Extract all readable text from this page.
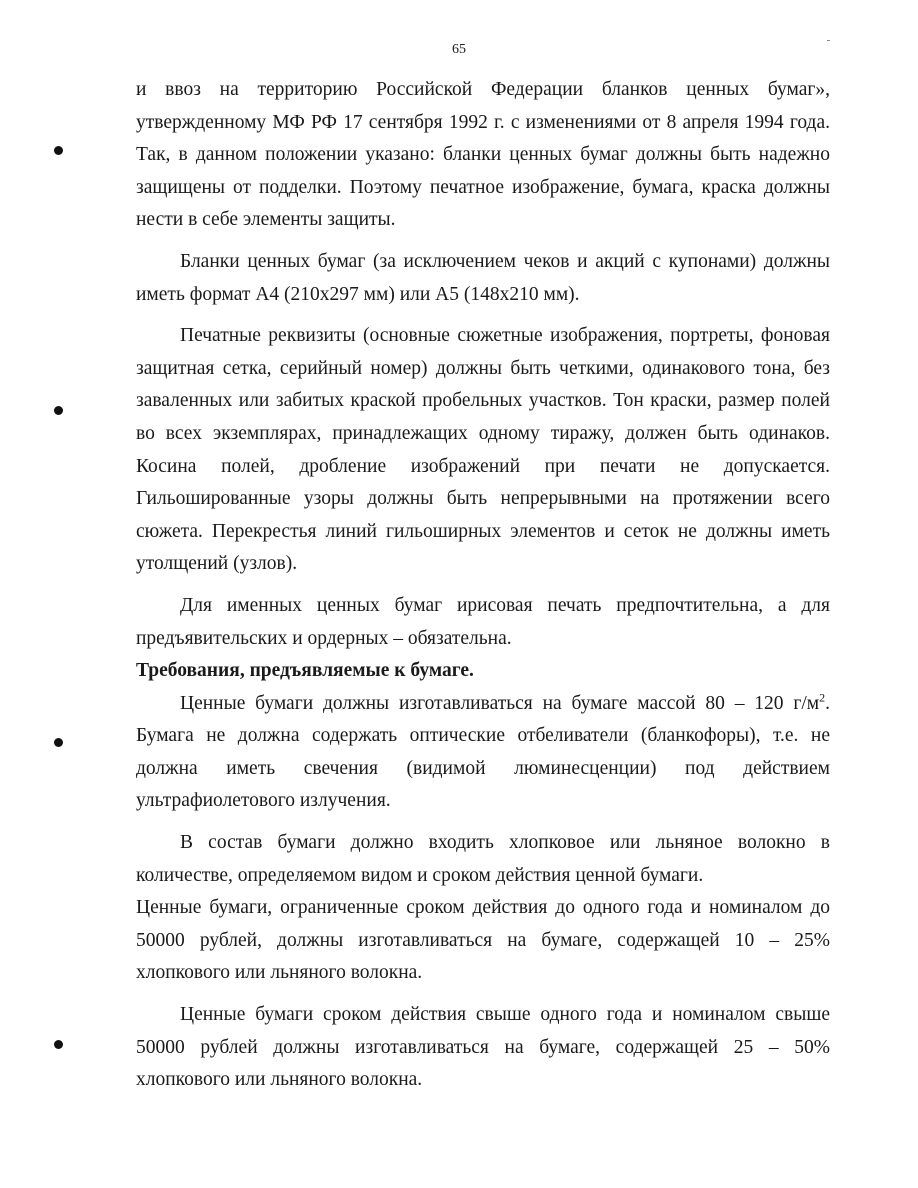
65

и ввоз на территорию Российской Федерации бланков ценных бумаг», утвержденному МФ РФ 17 сентября 1992 г. с изменениями от 8 апреля 1994 года. Так, в данном положении указано: бланки ценных бумаг должны быть надежно защищены от подделки. Поэтому печатное изображение, бумага, краска должны нести в себе элементы защиты.

Бланки ценных бумаг (за исключением чеков и акций с купонами) должны иметь формат А4 (210x297 мм) или А5 (148x210 мм).

Печатные реквизиты (основные сюжетные изображения, портреты, фоновая защитная сетка, серийный номер) должны быть четкими, одинакового тона, без заваленных или забитых краской пробельных участков. Тон краски, размер полей во всех экземплярах, принадлежащих одному тиражу, должен быть одинаков. Косина полей, дробление изображений при печати не допускается. Гильошированные узоры должны быть непрерывными на протяжении всего сюжета. Перекрестья линий гильоширных элементов и сеток не должны иметь утолщений (узлов).

Для именных ценных бумаг ирисовая печать предпочтительна, а для предъявительских и ордерных – обязательна.

Требования, предъявляемые к бумаге.

Ценные бумаги должны изготавливаться на бумаге массой 80 – 120 $г/м^2$. Бумага не должна содержать оптические отбеливатели (бланкофоры), т.е. не должна иметь свечения (видимой люминесценции) под действием ультрафиолетового излучения.

В состав бумаги должно входить хлопковое или льняное волокно в количестве, определяемом видом и сроком действия ценной бумаги.

Ценные бумаги, ограниченные сроком действия до одного года и номиналом до 50000 рублей, должны изготавливаться на бумаге, содержащей 10 – 25% хлопкового или льняного волокна.

Ценные бумаги сроком действия свыше одного года и номиналом свыше 50000 рублей должны изготавливаться на бумаге, содержащей 25 – 50% хлопкового или льняного волокна.
